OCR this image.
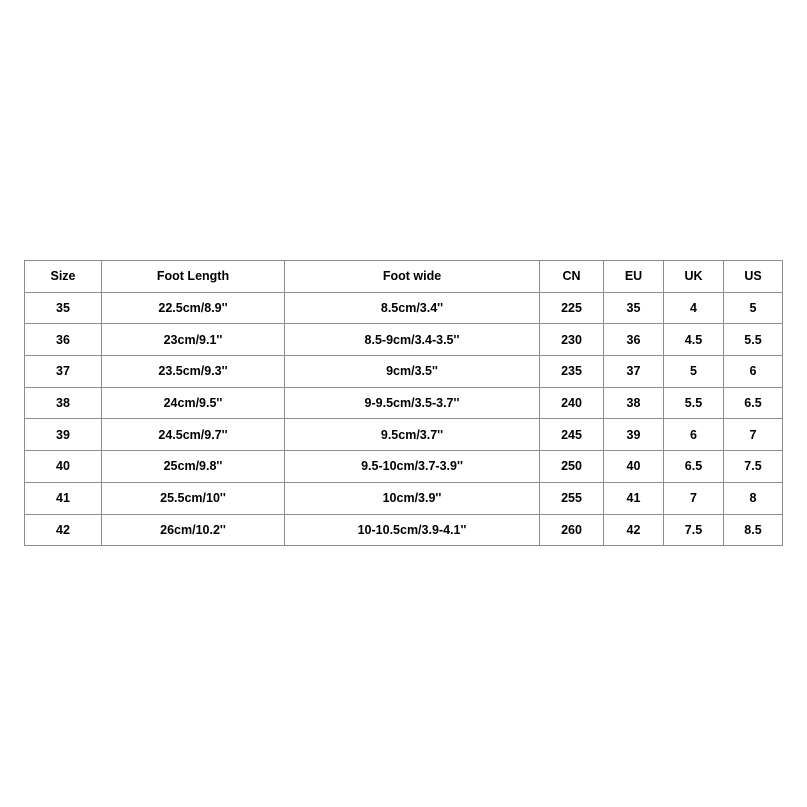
Size	Foot Length	Foot wide	CN	EU	UK	US
35	22.5cm/8.9''	8.5cm/3.4''	225	35	4	5
36	23cm/9.1''	8.5-9cm/3.4-3.5''	230	36	4.5	5.5
37	23.5cm/9.3''	9cm/3.5''	235	37	5	6
38	24cm/9.5''	9-9.5cm/3.5-3.7''	240	38	5.5	6.5
39	24.5cm/9.7''	9.5cm/3.7''	245	39	6	7
40	25cm/9.8''	9.5-10cm/3.7-3.9''	250	40	6.5	7.5
41	25.5cm/10''	10cm/3.9''	255	41	7	8
42	26cm/10.2''	10-10.5cm/3.9-4.1''	260	42	7.5	8.5
